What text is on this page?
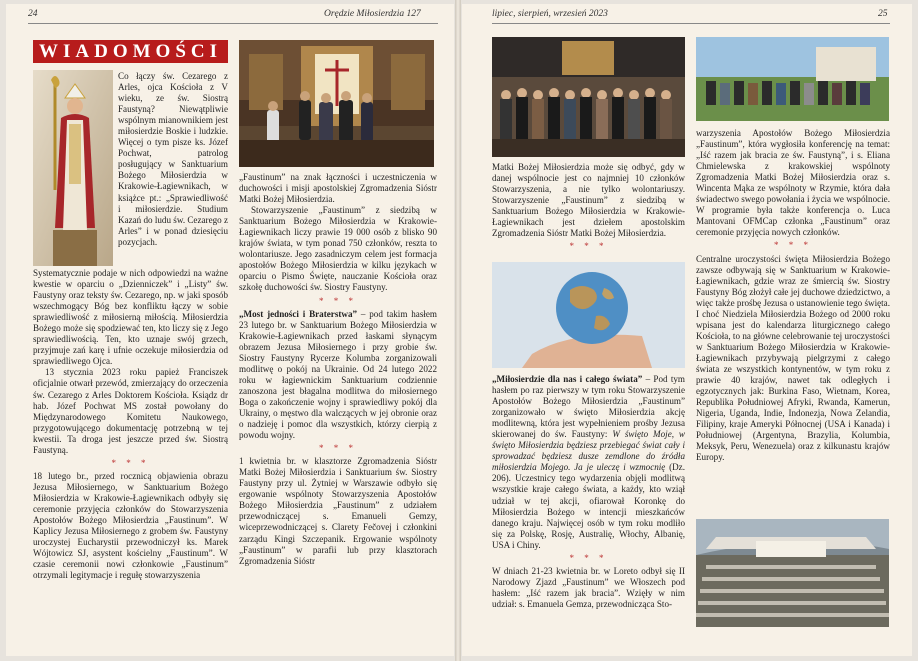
24	Orędzie Miłosierdzia 127
WIADOMOŚCI

Co łączy św. Cezarego z Arles, ojca Kościoła z V wieku, ze św. Siostrą Faustyną? Niewątpliwie wspólnym mianownikiem jest miłosierdzie Boskie i ludzkie. Więcej o tym pisze ks. Józef Pochwat, patrolog posługujący w Sanktuarium Bożego Miłosierdzia w Krakowie-Łagiewnikach, w książce pt.: „Sprawiedliwość i miłosierdzie. Studium Kazań do ludu św. Cezarego z Arles” i w ponad dziesięciu pozycjach.

Systematycznie podaje w nich odpowiedzi na ważne kwestie w oparciu o „Dzienniczek” i „Listy” św. Faustyny oraz teksty św. Cezarego, np. w jaki sposób wszechmogący Bóg bez konfliktu łączy w sobie sprawiedliwość z miłosierną miłością. Miłosierdzia Bożego może się spodziewać ten, kto liczy się z Jego sprawiedliwością. Ten, kto uznaje swój grzech, przyjmuje zań karę i ufnie oczekuje miłosierdzia od sprawiedliwego Ojca.

13 stycznia 2023 roku papież Franciszek oficjalnie otwarł przewód, zmierzający do orzeczenia św. Cezarego z Arles Doktorem Kościoła. Ksiądz dr hab. Józef Pochwat MS został powołany do Międzynarodowego Komitetu Naukowego, przygotowującego dokumentację potrzebną w tej kwestii. Ta droga jest jeszcze przed św. Siostrą Faustyną.

* * *

18 lutego br., przed rocznicą objawienia obrazu Jezusa Miłosiernego, w Sanktuarium Bożego Miłosierdzia w Krakowie-Łagiewnikach odbyły się ceremonie przyjęcia członków do Stowarzyszenia Apostołów Bożego Miłosierdzia „Faustinum”. W Kaplicy Jezusa Miłosiernego z grobem św. Faustyny uroczystej Eucharystii przewodniczył ks. Marek Wójtowicz SJ, asystent kościelny „Faustinum”. W czasie ceremonii nowi członkowie „Faustinum” otrzymali legitymacje i regułę stowarzyszenia

„Faustinum” na znak łączności i uczestniczenia w duchowości i misji apostolskiej Zgromadzenia Sióstr Matki Bożej Miłosierdzia.

Stowarzyszenie „Faustinum” z siedzibą w Sanktuarium Bożego Miłosierdzia w Krakowie-Łagiewnikach liczy prawie 19 000 osób z blisko 90 krajów świata, w tym ponad 750 członków, reszta to wolontariusze. Jego zasadniczym celem jest formacja apostołów Bożego Miłosierdzia w kilku językach w oparciu o Pismo Święte, nauczanie Kościoła oraz szkołę duchowości św. Siostry Faustyny.

* * *

„Most jedności i Braterstwa” – pod takim hasłem 23 lutego br. w Sanktuarium Bożego Miłosierdzia w Krakowie-Łagiewnikach przed łaskami słynącym obrazem Jezusa Miłosiernego i przy grobie św. Siostry Faustyny Rycerze Kolumba zorganizowali modlitwę o pokój na Ukrainie. Od 24 lutego 2022 roku w łagiewnickim Sanktuarium codziennie zanoszona jest błagalna modlitwa do miłosiernego Boga o zakończenie wojny i sprawiedliwy pokój dla Ukrainy, o męstwo dla walczących w jej obronie oraz o nadzieję i pomoc dla wszystkich, którzy cierpią z powodu wojny.

* * *

1 kwietnia br. w klasztorze Zgromadzenia Sióstr Matki Bożej Miłosierdzia i Sanktuarium św. Siostry Faustyny przy ul. Żytniej w Warszawie odbyło się ergowanie wspólnoty Stowarzyszenia Apostołów Bożego Miłosierdzia „Faustinum” z udziałem przewodniczącej s. Emanueli Gemzy, wiceprzewodniczącej s. Clarety Fečovej i członkini zarządu Kingi Szczepanik. Ergowanie wspólnoty „Faustinum” w parafii lub przy klasztorach Zgromadzenia Sióstr

lipiec, sierpień, wrzesień 2023	25

Matki Bożej Miłosierdzia może się odbyć, gdy w danej wspólnocie jest co najmniej 10 członków Stowarzyszenia, a nie tylko wolontariuszy. Stowarzyszenie „Faustinum” z siedzibą w Sanktuarium Bożego Miłosierdzia w Krakowie-Łagiewnikach jest dziełem apostolskim Zgromadzenia Sióstr Matki Bożej Miłosierdzia.

* * *

„Miłosierdzie dla nas i całego świata” – Pod tym hasłem po raz pierwszy w tym roku Stowarzyszenie Apostołów Bożego Miłosierdzia „Faustinum” zorganizowało w święto Miłosierdzia akcję modlitewną, która jest wypełnieniem prośby Jezusa skierowanej do św. Faustyny: W święto Moje, w święto Miłosierdzia będziesz przebiegać świat cały i sprowadzać będziesz dusze zemdlone do źródła miłosierdzia Mojego. Ja je uleczę i wzmocnię (Dz. 206). Uczestnicy tego wydarzenia objęli modlitwą wszystkie kraje całego świata, a każdy, kto wziął udział w tej akcji, ofiarował Koronkę do Miłosierdzia Bożego w intencji mieszkańców danego kraju. Najwięcej osób w tym roku modliło się za Polskę, Rosję, Australię, Włochy, Albanię, USA i Chiny.

* * *

W dniach 21-23 kwietnia br. w Loreto odbył się II Narodowy Zjazd „Faustinum” we Włoszech pod hasłem: „Iść razem jak bracia”. Wzięły w nim udział: s. Emanuela Gemza, przewodnicząca Sto-

warzyszenia Apostołów Bożego Miłosierdzia „Faustinum”, która wygłosiła konferencję na temat: „Iść razem jak bracia ze św. Faustyną”, i s. Eliana Chmielewska z krakowskiej wspólnoty Zgromadzenia Matki Bożej Miłosierdzia oraz s. Wincenta Mąka ze wspólnoty w Rzymie, która dała świadectwo swego powołania i życia we wspólnocie. W programie była także konferencja o. Luca Mantovani OFMCap członka „Faustinum” oraz ceremonie przyjęcia nowych członków.

* * *

Centralne uroczystości święta Miłosierdzia Bożego zawsze odbywają się w Sanktuarium w Krakowie-Łagiewnikach, gdzie wraz ze śmiercią św. Siostry Faustyny Bóg złożył całe jej duchowe dziedzictwo, a więc także prośbę Jezusa o ustanowienie tego święta. I choć Niedziela Miłosierdzia Bożego od 2000 roku wpisana jest do kalendarza liturgicznego całego Kościoła, to na główne celebrowanie tej uroczystości w Sanktuarium Bożego Miłosierdzia w Krakowie-Łagiewnikach przybywają pielgrzymi z całego świata ze wszystkich kontynentów, w tym roku z prawie 40 krajów, nawet tak odległych i egzotycznych jak: Burkina Faso, Wietnam, Korea, Republika Południowej Afryki, Rwanda, Kamerun, Nigeria, Uganda, Indie, Indonezja, Nowa Zelandia, Filipiny, kraje Ameryki Północnej (USA i Kanada) i Południowej (Argentyna, Brazylia, Kolumbia, Meksyk, Peru, Wenezuela) oraz z kilkunastu krajów Europy.
